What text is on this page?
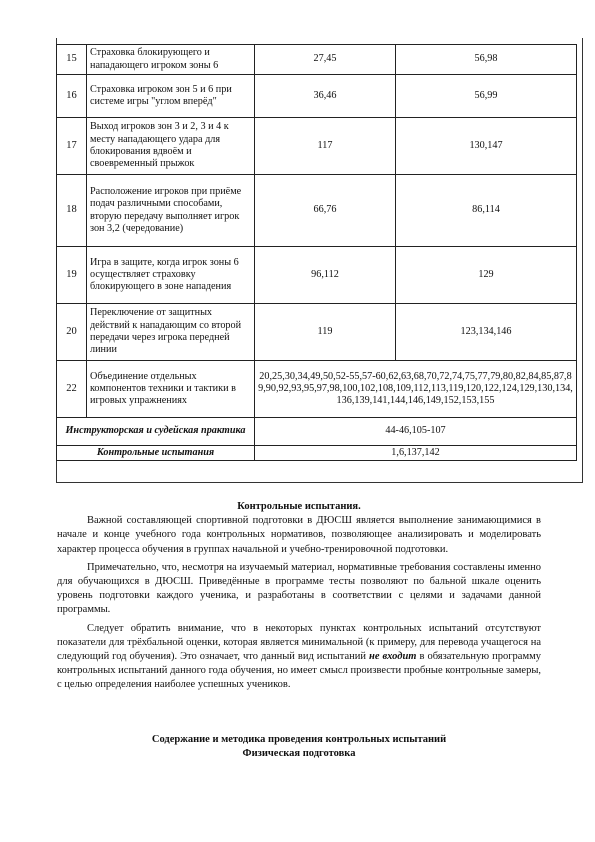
15	Страховка блокирующего и нападающего игроком зоны 6	27,45	56,98
16	Страховка игроком зон 5 и 6 при системе игры "углом вперёд"	36,46	56,99
17	Выход игроков зон 3 и 2, 3 и 4 к месту нападающего удара для блокирования вдвоём и своевременный прыжок	117	130,147
18	Расположение игроков при приёме подач различными способами, вторую передачу выполняет игрок зон 3,2 (чередование)	66,76	86,114
19	Игра в защите, когда игрок зоны 6 осуществляет страховку блокирующего в зоне нападения	96,112	129
20	Переключение от защитных действий к нападающим со второй передачи через игрока передней линии	119	123,134,146
22	Объединение отдельных компонентов техники и тактики в игровых упражнениях	20,25,30,34,49,50,52-55,57-60,62,63,68,70,72,74,75,77,79,80,82,84,85,87,89,90,92,93,95,97,98,100,102,108,109,112,113,119,120,122,124,129,130,134,136,139,141,144,146,149,152,153,155	
Инструкторская и судейская практика		44-46,105-107	
Контрольные испытания		1,6,137,142	
Контрольные испытания.

Важной составляющей спортивной подготовки в ДЮСШ является выполнение занимающимися в начале и конце учебного года контрольных нормативов, позволяющее анализировать и моделировать характер процесса обучения в группах начальной и учебно-тренировочной подготовки.

Примечательно, что, несмотря на изучаемый материал, нормативные требования составлены именно для обучающихся в ДЮСШ. Приведённые в программе тесты позволяют по бальной шкале оценить уровень подготовки каждого ученика, и разработаны в соответствии с целями и задачами данной программы.

Следует обратить внимание, что в некоторых пунктах контрольных испытаний отсутствуют показатели для трёхбальной оценки, которая является минимальной (к примеру, для перевода учащегося на следующий год обучения). Это означает, что данный вид испытаний не входит в обязательную программу контрольных испытаний данного года обучения, но имеет смысл произвести пробные контрольные замеры, с целью определения наиболее успешных учеников.

Содержание и методика проведения контрольных испытаний
Физическая подготовка
